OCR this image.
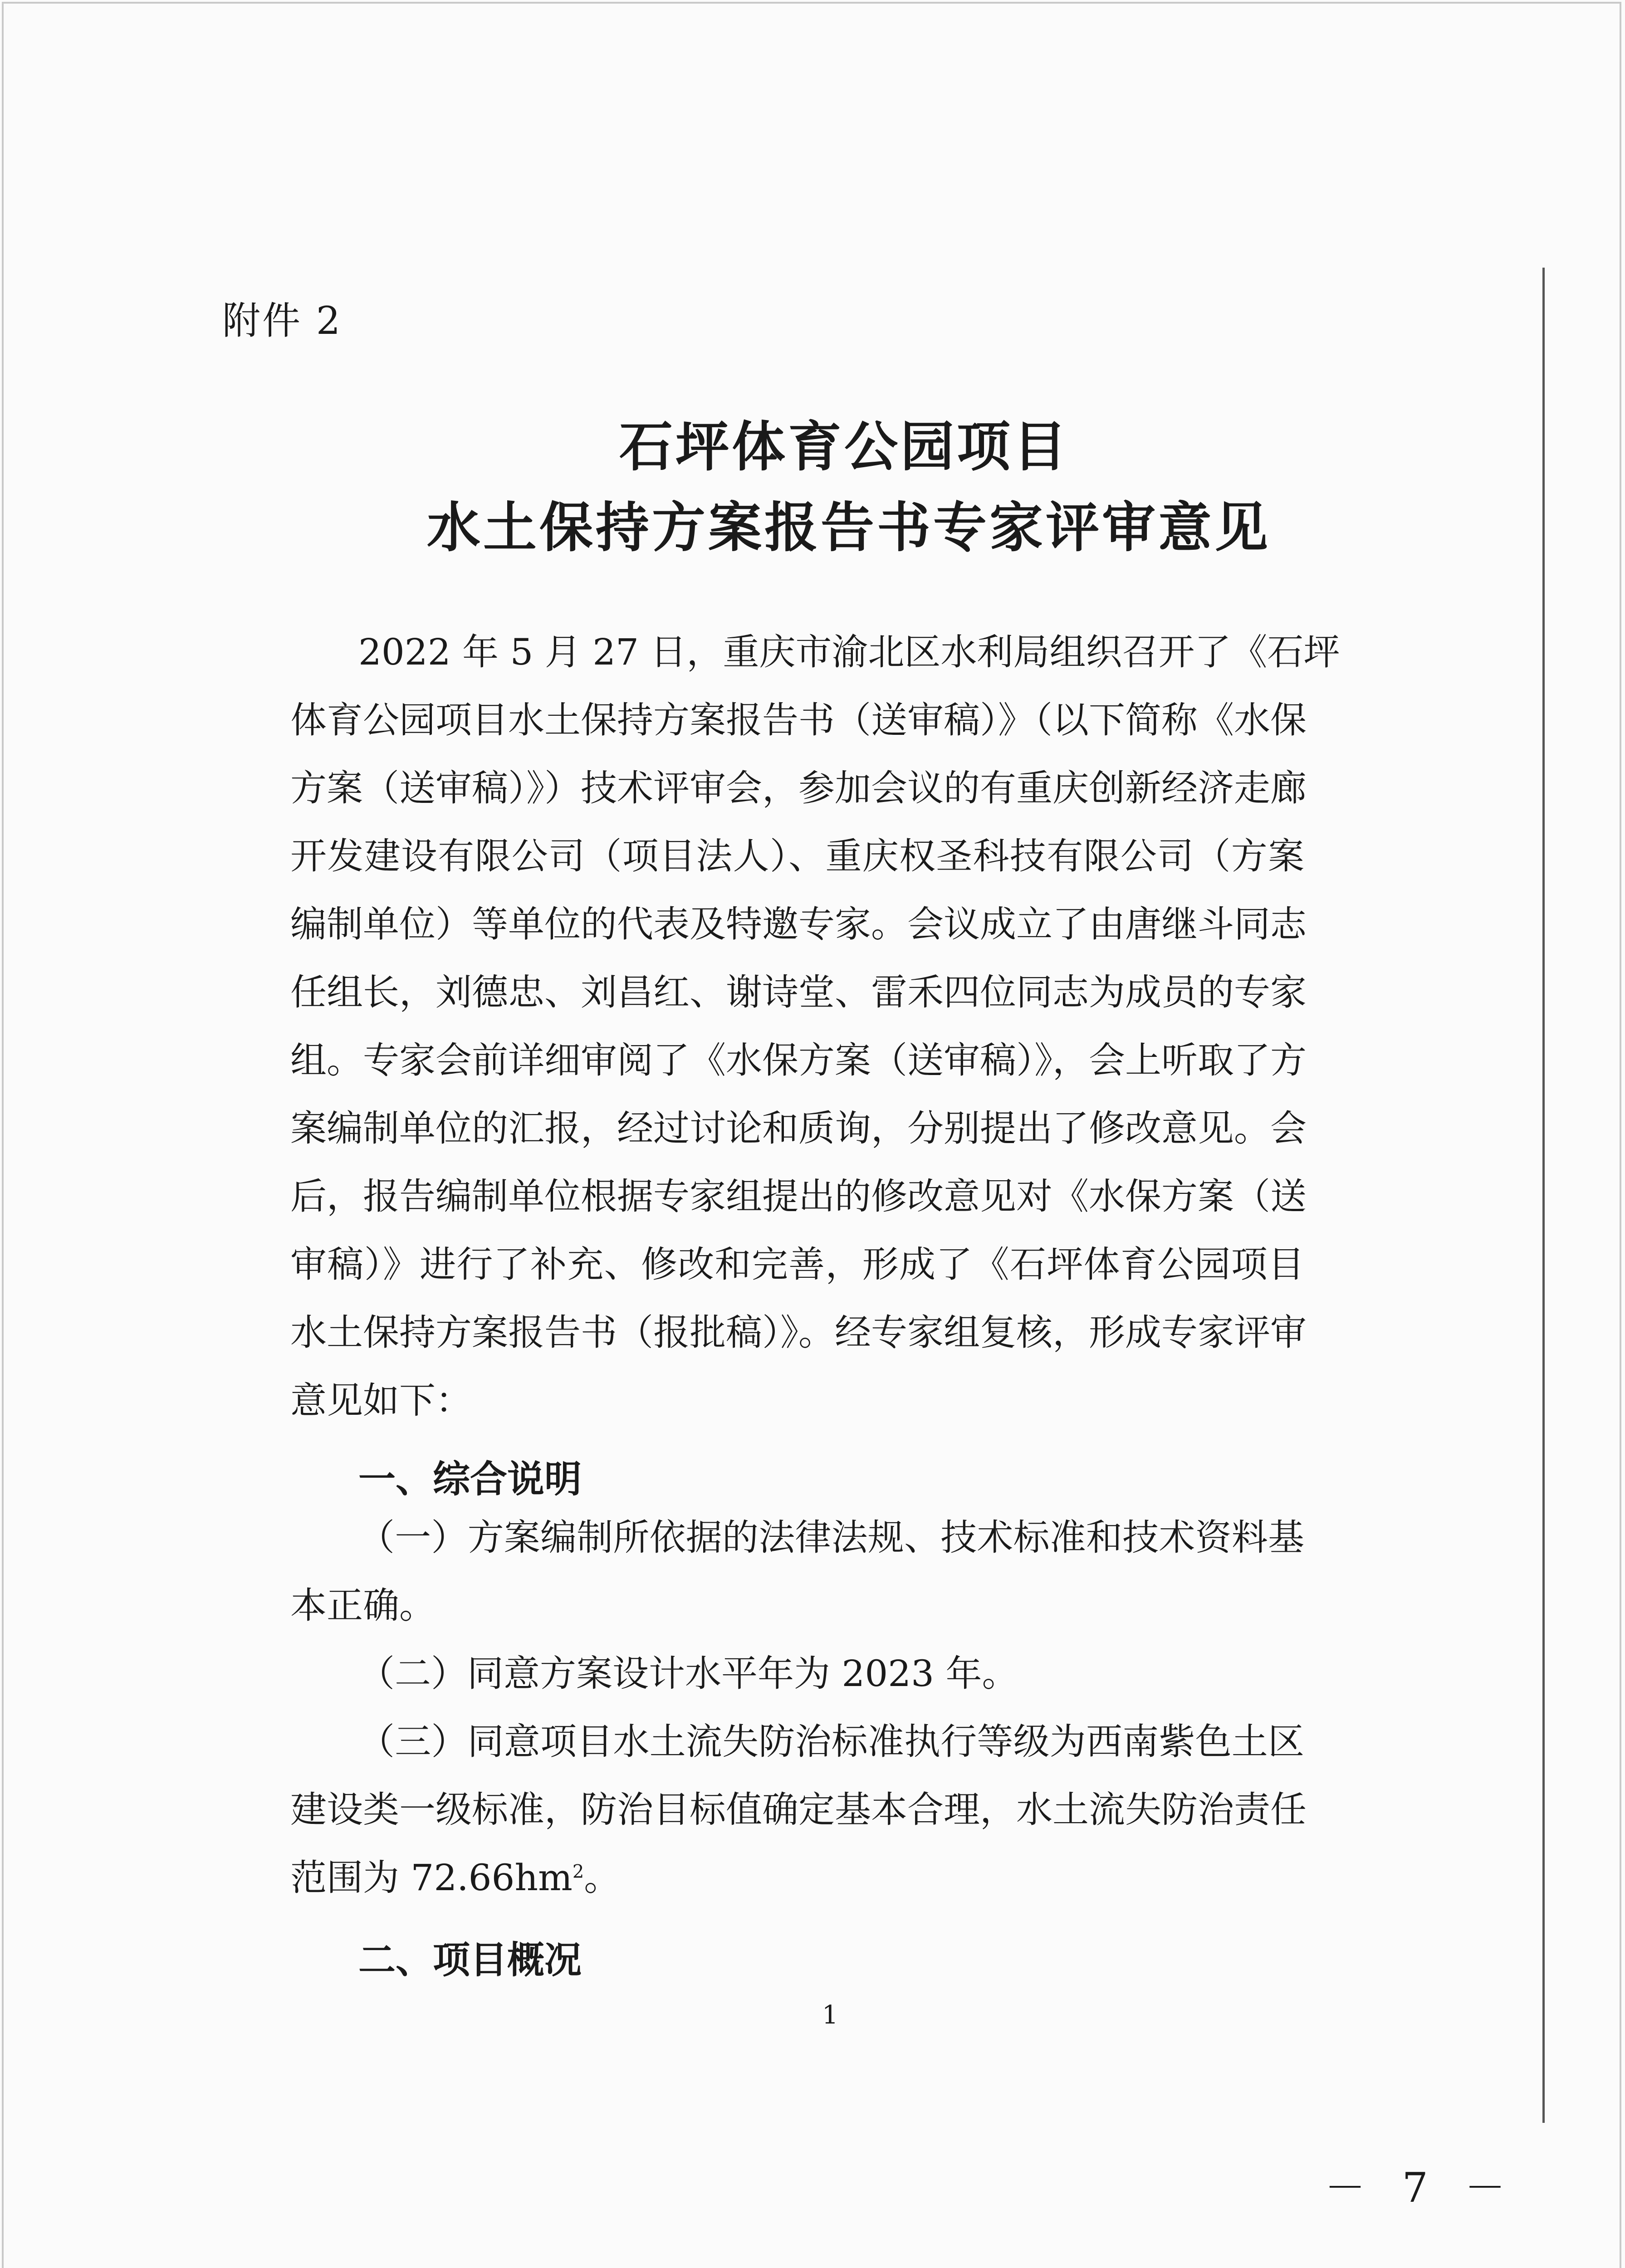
附件 2
石坪体育公园项目
水土保持方案报告书专家评审意见
2022 年 5 月 27 日，重庆市渝北区水利局组织召开了《石坪
体育公园项目水土保持方案报告书（送审稿）》（以下简称《水保
方案（送审稿）》）技术评审会，参加会议的有重庆创新经济走廊
开发建设有限公司（项目法人）、重庆权圣科技有限公司（方案
编制单位）等单位的代表及特邀专家。会议成立了由唐继斗同志
任组长，刘德忠、刘昌红、谢诗堂、雷禾四位同志为成员的专家
组。专家会前详细审阅了《水保方案（送审稿）》，会上听取了方
案编制单位的汇报，经过讨论和质询，分别提出了修改意见。会
后，报告编制单位根据专家组提出的修改意见对《水保方案（送
审稿）》进行了补充、修改和完善，形成了《石坪体育公园项目
水土保持方案报告书（报批稿）》。经专家组复核，形成专家评审
意见如下：
一、综合说明
（一）方案编制所依据的法律法规、技术标准和技术资料基
本正确。
（二）同意方案设计水平年为 2023 年。
（三）同意项目水土流失防治标准执行等级为西南紫色土区
建设类一级标准，防治目标值确定基本合理，水土流失防治责任
范围为 $72.66hm^2$。
二、项目概况
1
－ 7 －
